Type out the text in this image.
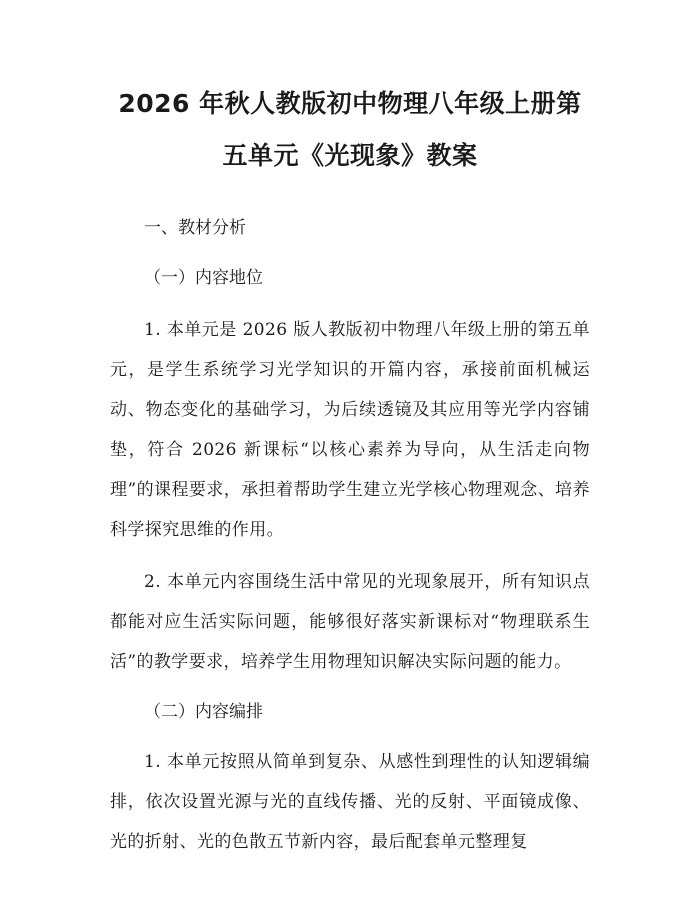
2026 年秋人教版初中物理八年级上册第五单元《光现象》教案
一、教材分析
（一）内容地位

1. 本单元是 2026 版人教版初中物理八年级上册的第五单元，是学生系统学习光学知识的开篇内容，承接前面机械运动、物态变化的基础学习，为后续透镜及其应用等光学内容铺垫，符合 2026 新课标“以核心素养为导向，从生活走向物理”的课程要求，承担着帮助学生建立光学核心物理观念、培养科学探究思维的作用。

2. 本单元内容围绕生活中常见的光现象展开，所有知识点都能对应生活实际问题，能够很好落实新课标对“物理联系生活”的教学要求，培养学生用物理知识解决实际问题的能力。

（二）内容编排

1. 本单元按照从简单到复杂、从感性到理性的认知逻辑编排，依次设置光源与光的直线传播、光的反射、平面镜成像、光的折射、光的色散五节新内容，最后配套单元整理复
